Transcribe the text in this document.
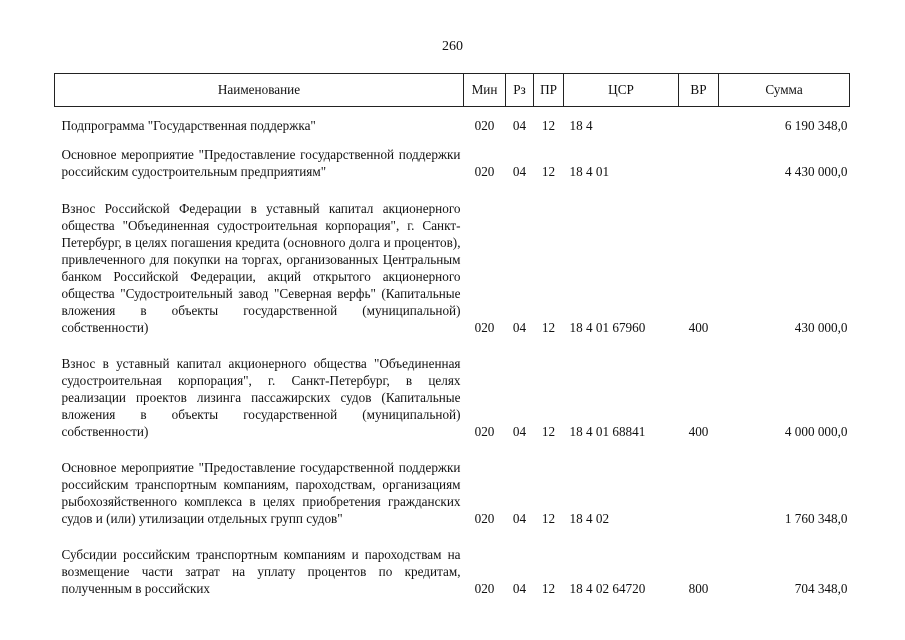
260
Наименование	Мин	Рз	ПР	ЦСР	ВР	Сумма
Подпрограмма "Государственная поддержка"	020	04	12	18 4		6 190 348,0
Основное мероприятие "Предоставление государственной поддержки российским судостроительным предприятиям"	020	04	12	18 4 01		4 430 000,0
Взнос Российской Федерации в уставный капитал акционерного общества "Объединенная судостроительная корпорация", г. Санкт-Петербург, в целях погашения кредита (основного долга и процентов), привлеченного для покупки на торгах, организованных Центральным банком Российской Федерации, акций открытого акционерного общества "Судостроительный завод "Северная верфь" (Капитальные вложения в объекты государственной (муниципальной) собственности)	020	04	12	18 4 01 67960	400	430 000,0
Взнос в уставный капитал акционерного общества "Объединенная судостроительная корпорация", г. Санкт-Петербург, в целях реализации проектов лизинга пассажирских судов (Капитальные вложения в объекты государственной (муниципальной) собственности)	020	04	12	18 4 01 68841	400	4 000 000,0
Основное мероприятие "Предоставление государственной поддержки российским транспортным компаниям, пароходствам, организациям рыбохозяйственного комплекса в целях приобретения гражданских судов и (или) утилизации отдельных групп судов"	020	04	12	18 4 02		1 760 348,0
Субсидии российским транспортным компаниям и пароходствам на возмещение части затрат на уплату процентов по кредитам, полученным в российских	020	04	12	18 4 02 64720	800	704 348,0
